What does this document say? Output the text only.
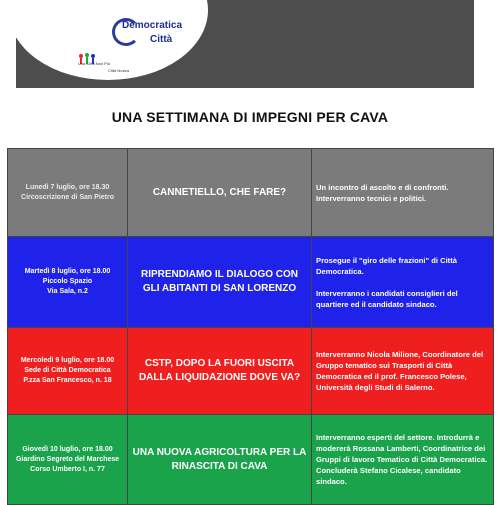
Democratica
Città
Una Città Non Più
Città Nostra
UNA SETTIMANA DI IMPEGNI PER CAVA
Lunedì 7 luglio, ore 18.30
Circoscrizione di San Pietro	CANNETIELLO, CHE FARE?	Un incontro di ascolto e di confronti. Interverranno tecnici e politici.

Martedì 8 luglio, ore 18.00
Piccolo Spazio
Via Sala, n.2	RIPRENDIAMO IL DIALOGO CON GLI ABITANTI DI SAN LORENZO	Prosegue il "giro delle frazioni" di Città Democratica.
Interverranno i candidati consiglieri del quartiere ed il candidato sindaco.

Mercoledì 9 luglio, ore 18.00
Sede di Città Democratica
P.zza San Francesco, n. 18	CSTP, DOPO LA FUORI USCITA DALLA LIQUIDAZIONE DOVE VA?	Interverranno Nicola Milione, Coordinatore del Gruppo tematico sui Trasporti di Città Democratica ed il prof. Francesco Polese, Università degli Studi di Salerno.

Giovedì 10 luglio, ore 18.00
Giardino Segreto del Marchese
Corso Umberto I, n. 77	UNA NUOVA AGRICOLTURA PER LA RINASCITA DI CAVA	Interverranno esperti del settore. Introdurrà e modererà Rossana Lamberti, Coordinatrice dei Gruppi di lavoro Tematico di Città Democratica. Concluderà Stefano Cicalese, candidato sindaco.
